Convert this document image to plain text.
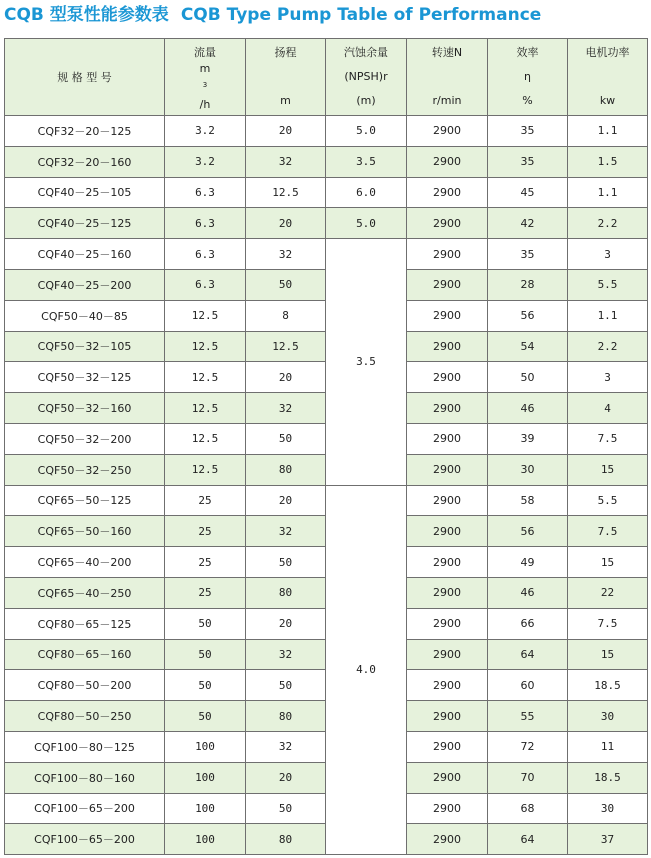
CQB 型泵性能参数表 CQB Type Pump Table of Performance
规 格 型 号	流量
m
$^3$
/h	扬程
m	汽蚀余量
(NPSH)r
(m)	转速N
r/min	效率
η
%	电机功率
kw

CQF32－20－125	3.2	20	5.0	2900	35	1.1
CQF32－20－160	3.2	32	3.5	2900	35	1.5
CQF40－25－105	6.3	12.5	6.0	2900	45	1.1
CQF40－25－125	6.3	20	5.0	2900	42	2.2
CQF40－25－160	6.3	32	3.5	2900	35	3
CQF40－25－200	6.3	50		2900	28	5.5
CQF50－40－85	12.5	8		2900	56	1.1
CQF50－32－105	12.5	12.5		2900	54	2.2
CQF50－32－125	12.5	20		2900	50	3
CQF50－32－160	12.5	32		2900	46	4
CQF50－32－200	12.5	50		2900	39	7.5
CQF50－32－250	12.5	80		2900	30	15
CQF65－50－125	25	20	4.0	2900	58	5.5
CQF65－50－160	25	32		2900	56	7.5
CQF65－40－200	25	50		2900	49	15
CQF65－40－250	25	80		2900	46	22
CQF80－65－125	50	20		2900	66	7.5
CQF80－65－160	50	32		2900	64	15
CQF80－50－200	50	50		2900	60	18.5
CQF80－50－250	50	80		2900	55	30
CQF100－80－125	100	32		2900	72	11
CQF100－80－160	100	20		2900	70	18.5
CQF100－65－200	100	50		2900	68	30
CQF100－65－200	100	80		2900	64	37
